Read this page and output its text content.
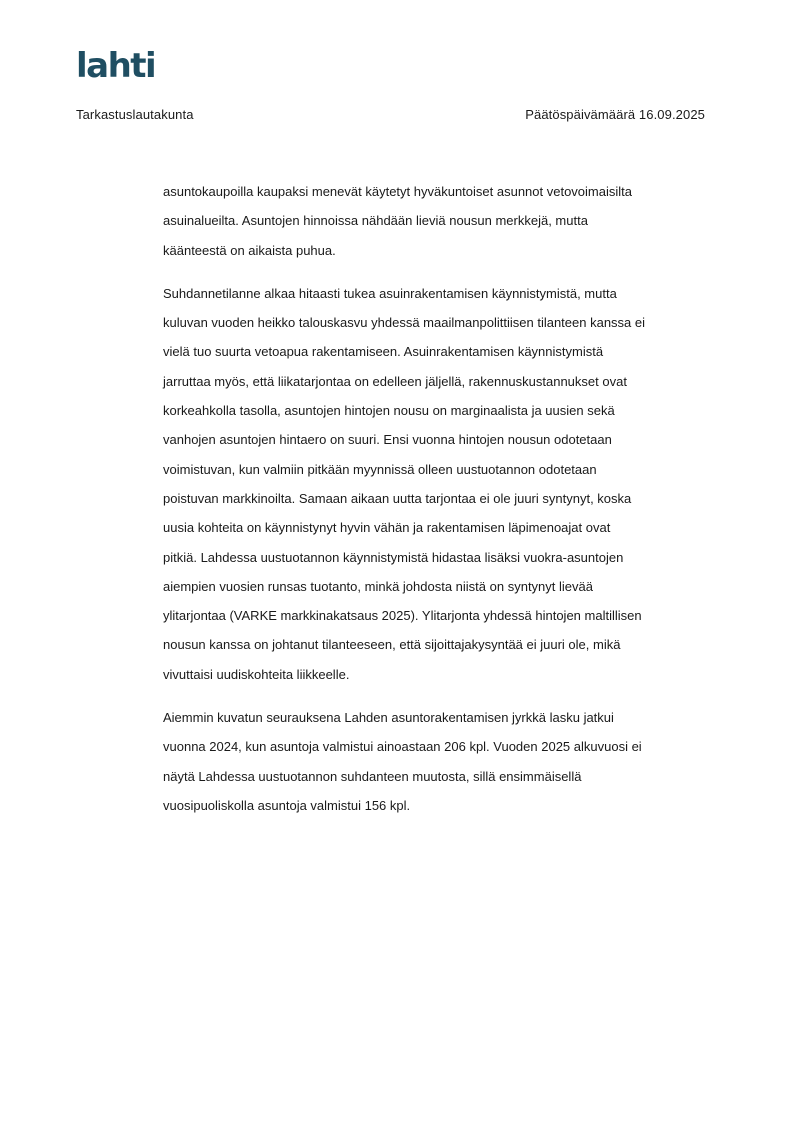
lahti
Tarkastuslautakunta	Päätöspäivämäärä 16.09.2025

asuntokaupoilla kaupaksi menevät käytetyt hyväkuntoiset asunnot vetovoimaisilta
asuinalueilta. Asuntojen hinnoissa nähdään lieviä nousun merkkejä, mutta
käänteestä on aikaista puhua.

Suhdannetilanne alkaa hitaasti tukea asuinrakentamisen käynnistymistä, mutta
kuluvan vuoden heikko talouskasvu yhdessä maailmanpolittiisen tilanteen kanssa ei
vielä tuo suurta vetoapua rakentamiseen. Asuinrakentamisen käynnistymistä
jarruttaa myös, että liikatarjontaa on edelleen jäljellä, rakennuskustannukset ovat
korkeahkolla tasolla, asuntojen hintojen nousu on marginaalista ja uusien sekä
vanhojen asuntojen hintaero on suuri. Ensi vuonna hintojen nousun odotetaan
voimistuvan, kun valmiin pitkään myynnissä olleen uustuotannon odotetaan
poistuvan markkinoilta. Samaan aikaan uutta tarjontaa ei ole juuri syntynyt, koska
uusia kohteita on käynnistynyt hyvin vähän ja rakentamisen läpimenoajat ovat
pitkiä. Lahdessa uustuotannon käynnistymistä hidastaa lisäksi vuokra-asuntojen
aiempien vuosien runsas tuotanto, minkä johdosta niistä on syntynyt lievää
ylitarjontaa (VARKE markkinakatsaus 2025). Ylitarjonta yhdessä hintojen maltillisen
nousun kanssa on johtanut tilanteeseen, että sijoittajakysyntää ei juuri ole, mikä
vivuttaisi uudiskohteita liikkeelle.

Aiemmin kuvatun seurauksena Lahden asuntorakentamisen jyrkkä lasku jatkui
vuonna 2024, kun asuntoja valmistui ainoastaan 206 kpl. Vuoden 2025 alkuvuosi ei
näytä Lahdessa uustuotannon suhdanteen muutosta, sillä ensimmäisellä
vuosipuoliskolla asuntoja valmistui 156 kpl.
